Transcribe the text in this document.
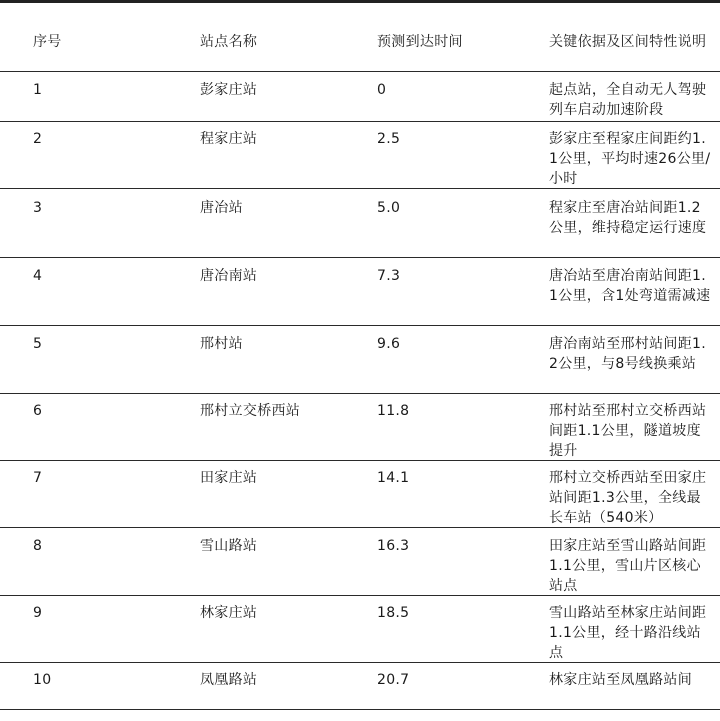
序号	站点名称	预测到达时间	关键依据及区间特性说明
1	彭家庄站	0	起点站，全自动无人驾驶列车启动加速阶段
2	程家庄站	2.5	彭家庄至程家庄间距约1.1公里，平均时速26公里/小时
3	唐冶站	5.0	程家庄至唐冶站间距1.2公里，维持稳定运行速度
4	唐冶南站	7.3	唐冶站至唐冶南站间距1.1公里，含1处弯道需减速
5	邢村站	9.6	唐冶南站至邢村站间距1.2公里，与8号线换乘站
6	邢村立交桥西站	11.8	邢村站至邢村立交桥西站间距1.1公里，隧道坡度提升
7	田家庄站	14.1	邢村立交桥西站至田家庄站间距1.3公里，全线最长车站（540米）
8	雪山路站	16.3	田家庄站至雪山路站间距1.1公里，雪山片区核心站点
9	林家庄站	18.5	雪山路站至林家庄站间距1.1公里，经十路沿线站点
10	凤凰路站	20.7	林家庄站至凤凰路站间
